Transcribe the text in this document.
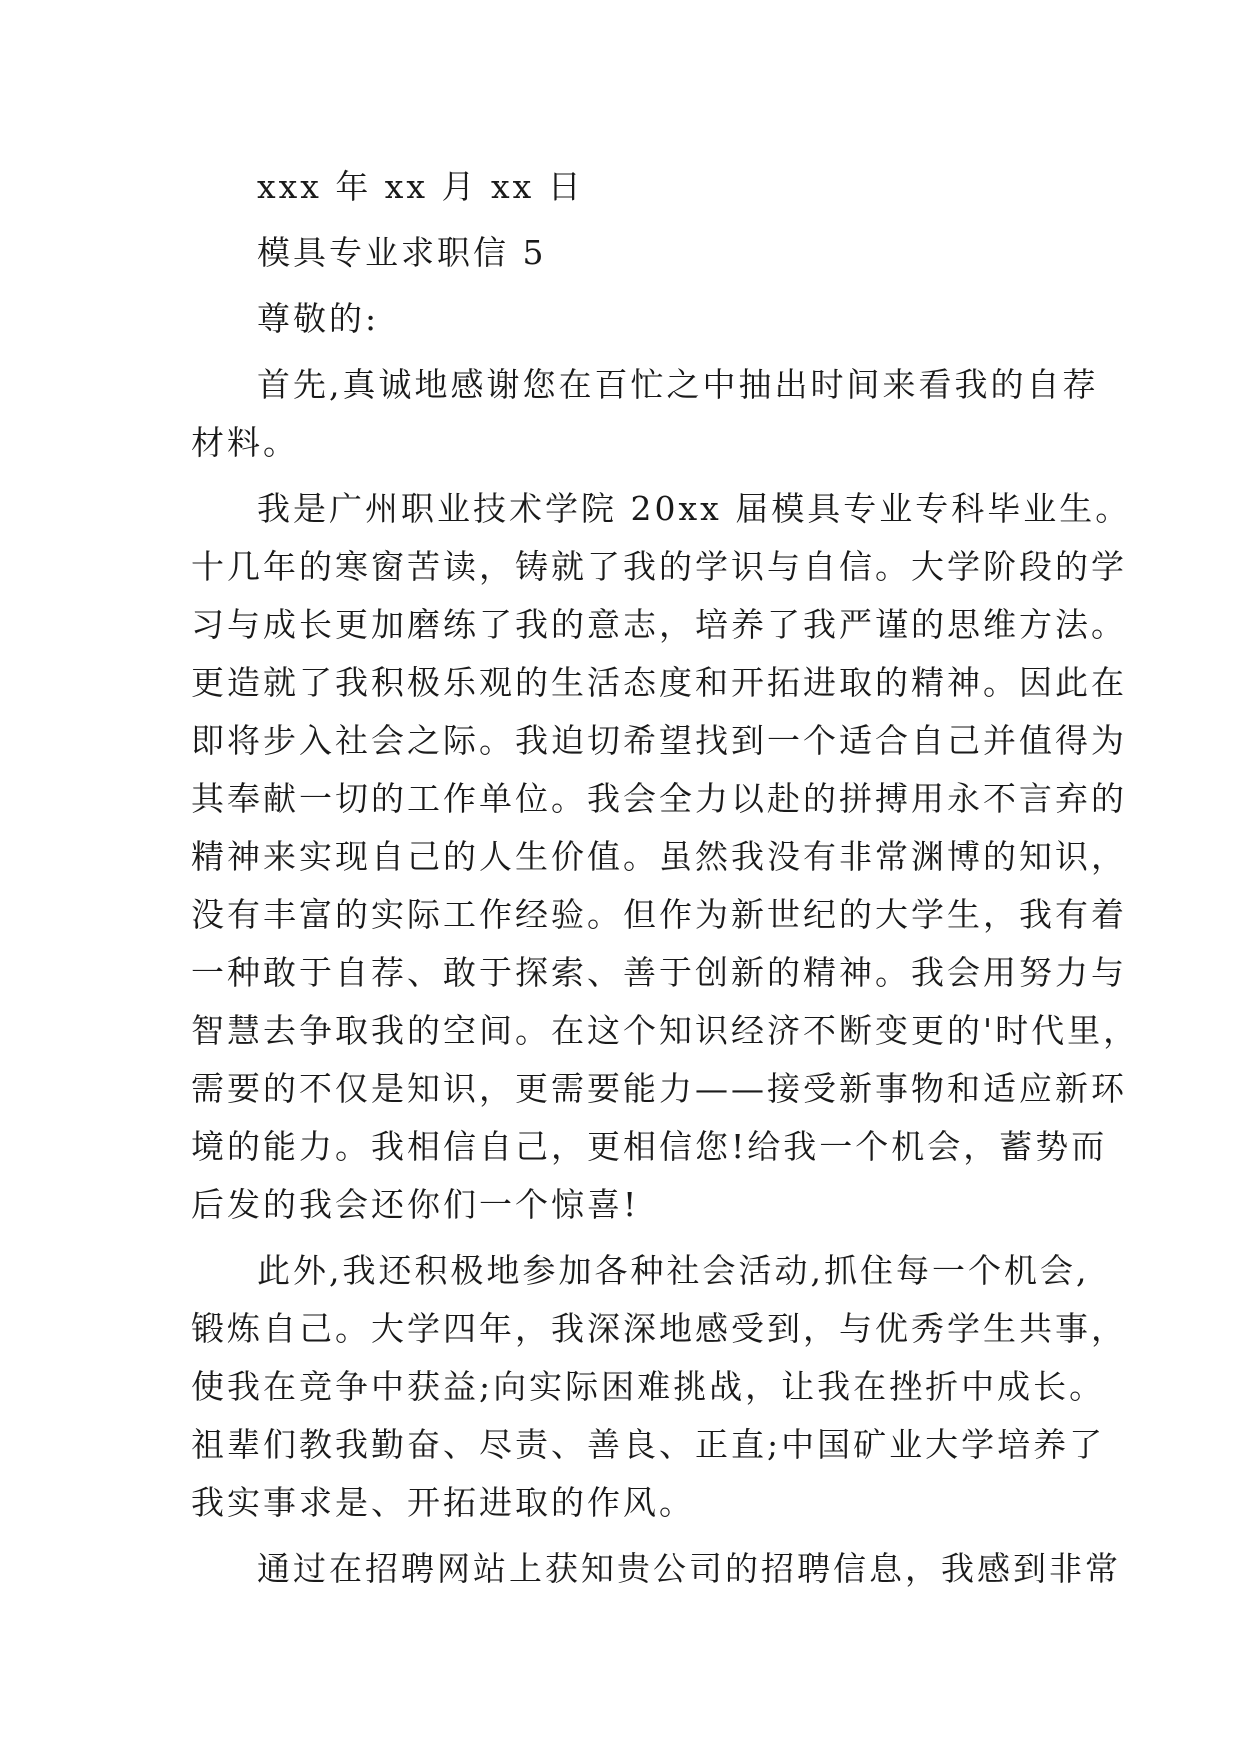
xxx 年 xx 月 xx 日
模具专业求职信 5
尊敬的:
首先,真诚地感谢您在百忙之中抽出时间来看我的自荐
材料。
我是广州职业技术学院 20xx 届模具专业专科毕业生。
十几年的寒窗苦读，铸就了我的学识与自信。大学阶段的学
习与成长更加磨练了我的意志，培养了我严谨的思维方法。
更造就了我积极乐观的生活态度和开拓进取的精神。因此在
即将步入社会之际。我迫切希望找到一个适合自己并值得为
其奉献一切的工作单位。我会全力以赴的拼搏用永不言弃的
精神来实现自己的人生价值。虽然我没有非常渊博的知识，
没有丰富的实际工作经验。但作为新世纪的大学生，我有着
一种敢于自荐、敢于探索、善于创新的精神。我会用努力与
智慧去争取我的空间。在这个知识经济不断变更的'时代里，
需要的不仅是知识，更需要能力——接受新事物和适应新环
境的能力。我相信自己，更相信您!给我一个机会，蓄势而
后发的我会还你们一个惊喜!
此外,我还积极地参加各种社会活动,抓住每一个机会,
锻炼自己。大学四年，我深深地感受到，与优秀学生共事，
使我在竞争中获益;向实际困难挑战，让我在挫折中成长。
祖辈们教我勤奋、尽责、善良、正直;中国矿业大学培养了
我实事求是、开拓进取的作风。
通过在招聘网站上获知贵公司的招聘信息，我感到非常
